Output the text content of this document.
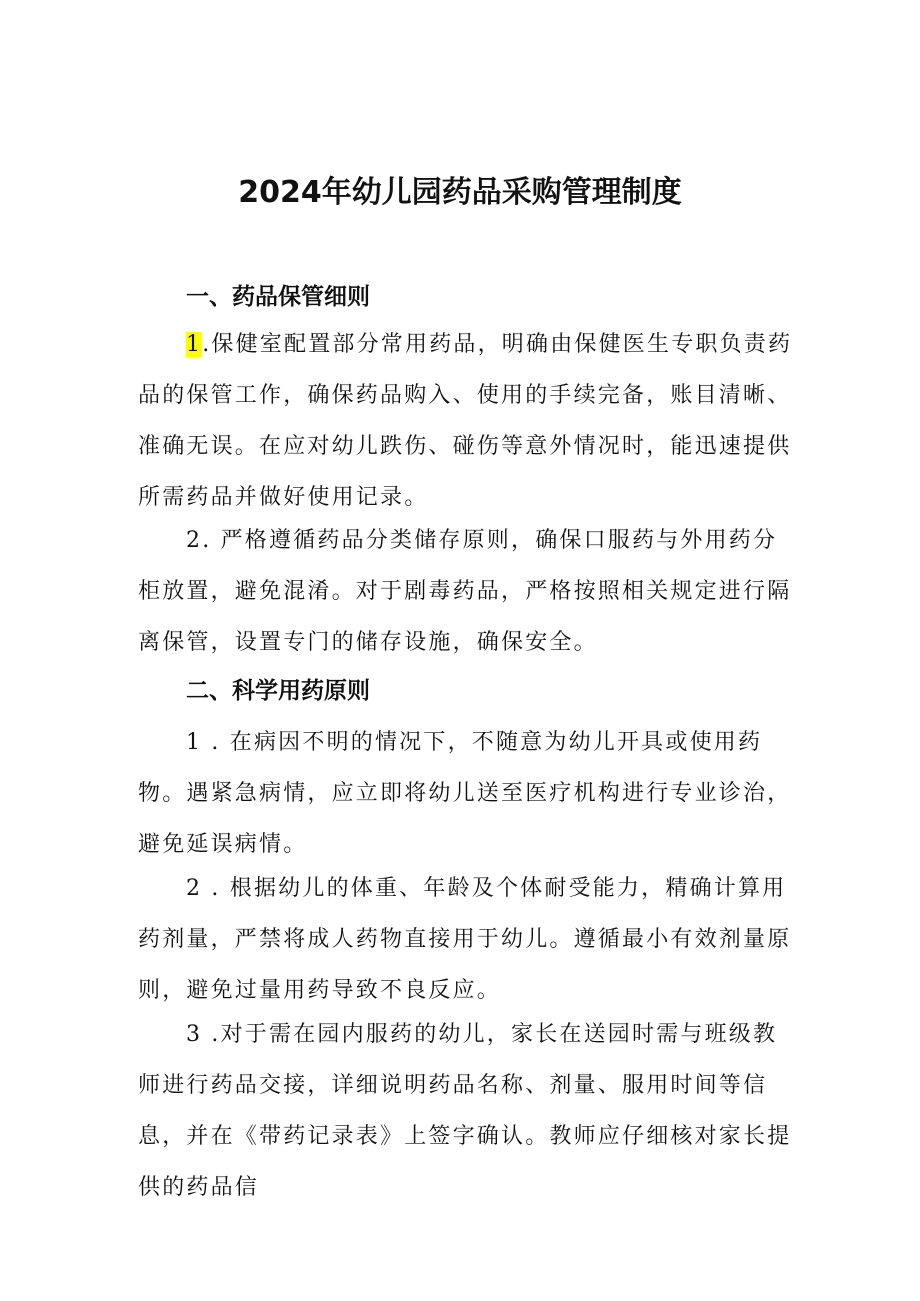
2024年幼儿园药品采购管理制度
一、药品保管细则

1.保健室配置部分常用药品，明确由保健医生专职负责药品的保管工作，确保药品购入、使用的手续完备，账目清晰、准确无误。在应对幼儿跌伤、碰伤等意外情况时，能迅速提供所需药品并做好使用记录。

2. 严格遵循药品分类储存原则，确保口服药与外用药分柜放置，避免混淆。对于剧毒药品，严格按照相关规定进行隔离保管，设置专门的储存设施，确保安全。

二、科学用药原则

1 . 在病因不明的情况下，不随意为幼儿开具或使用药物。遇紧急病情，应立即将幼儿送至医疗机构进行专业诊治，避免延误病情。

2 . 根据幼儿的体重、年龄及个体耐受能力，精确计算用药剂量，严禁将成人药物直接用于幼儿。遵循最小有效剂量原则，避免过量用药导致不良反应。

3 .对于需在园内服药的幼儿，家长在送园时需与班级教师进行药品交接，详细说明药品名称、剂量、服用时间等信息，并在《带药记录表》上签字确认。教师应仔细核对家长提供的药品信
